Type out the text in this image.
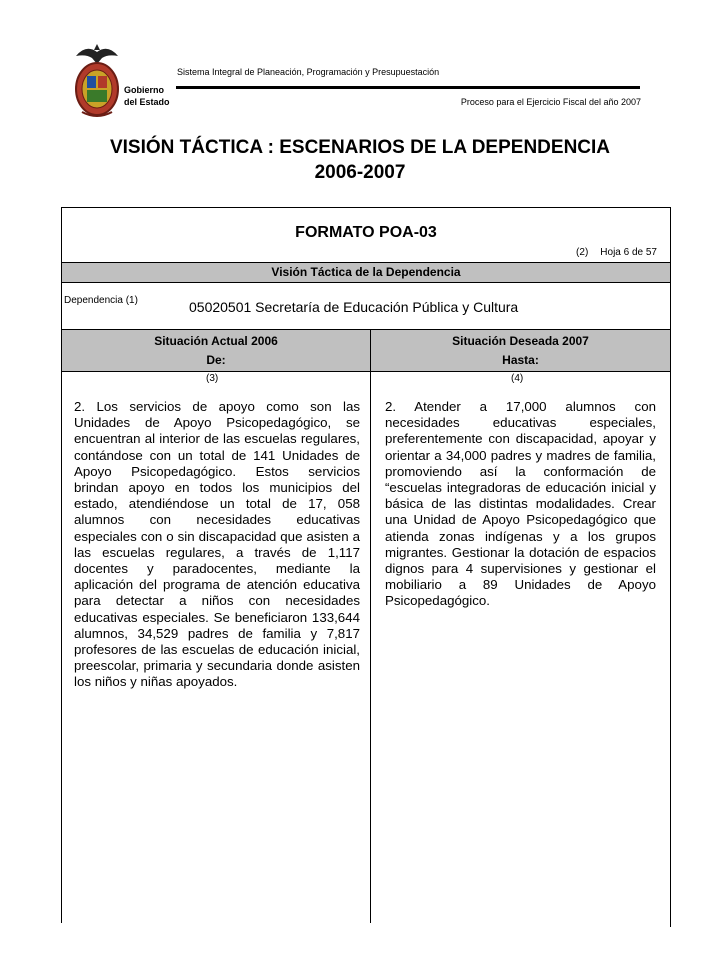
Gobierno
del Estado
Sistema Integral de Planeación, Programación y Presupuestación
Proceso para el Ejercicio Fiscal del año 2007
VISIÓN TÁCTICA : ESCENARIOS DE LA DEPENDENCIA
2006-2007
FORMATO POA-03
(2) Hoja 6 de 57
Visión Táctica de la Dependencia
Dependencia (1)	05020501 Secretaría de Educación Pública y Cultura
Situación Actual 2006
De:
Situación Deseada 2007
Hasta:
(3)	(4)
2. Los servicios de apoyo como son las Unidades de Apoyo Psicopedagógico, se encuentran al interior de las escuelas regulares, contándose con un total de 141 Unidades de Apoyo Psicopedagógico. Estos servicios brindan apoyo en todos los municipios del estado, atendiéndose un total de 17, 058 alumnos con necesidades educativas especiales con o sin discapacidad que asisten a las escuelas regulares, a través de 1,117 docentes y paradocentes, mediante la aplicación del programa de atención educativa para detectar a niños con necesidades educativas especiales. Se beneficiaron 133,644 alumnos, 34,529 padres de familia y 7,817 profesores de las escuelas de educación inicial, preescolar, primaria y secundaria donde asisten los niños y niñas apoyados.
2. Atender a 17,000 alumnos con necesidades educativas especiales, preferentemente con discapacidad, apoyar y orientar a 34,000 padres y madres de familia, promoviendo así la conformación de “escuelas integradoras de educación inicial y básica de las distintas modalidades. Crear una Unidad de Apoyo Psicopedagógico que atienda zonas indígenas y a los grupos migrantes. Gestionar la dotación de espacios dignos para 4 supervisiones y gestionar el mobiliario a 89 Unidades de Apoyo Psicopedagógico.
